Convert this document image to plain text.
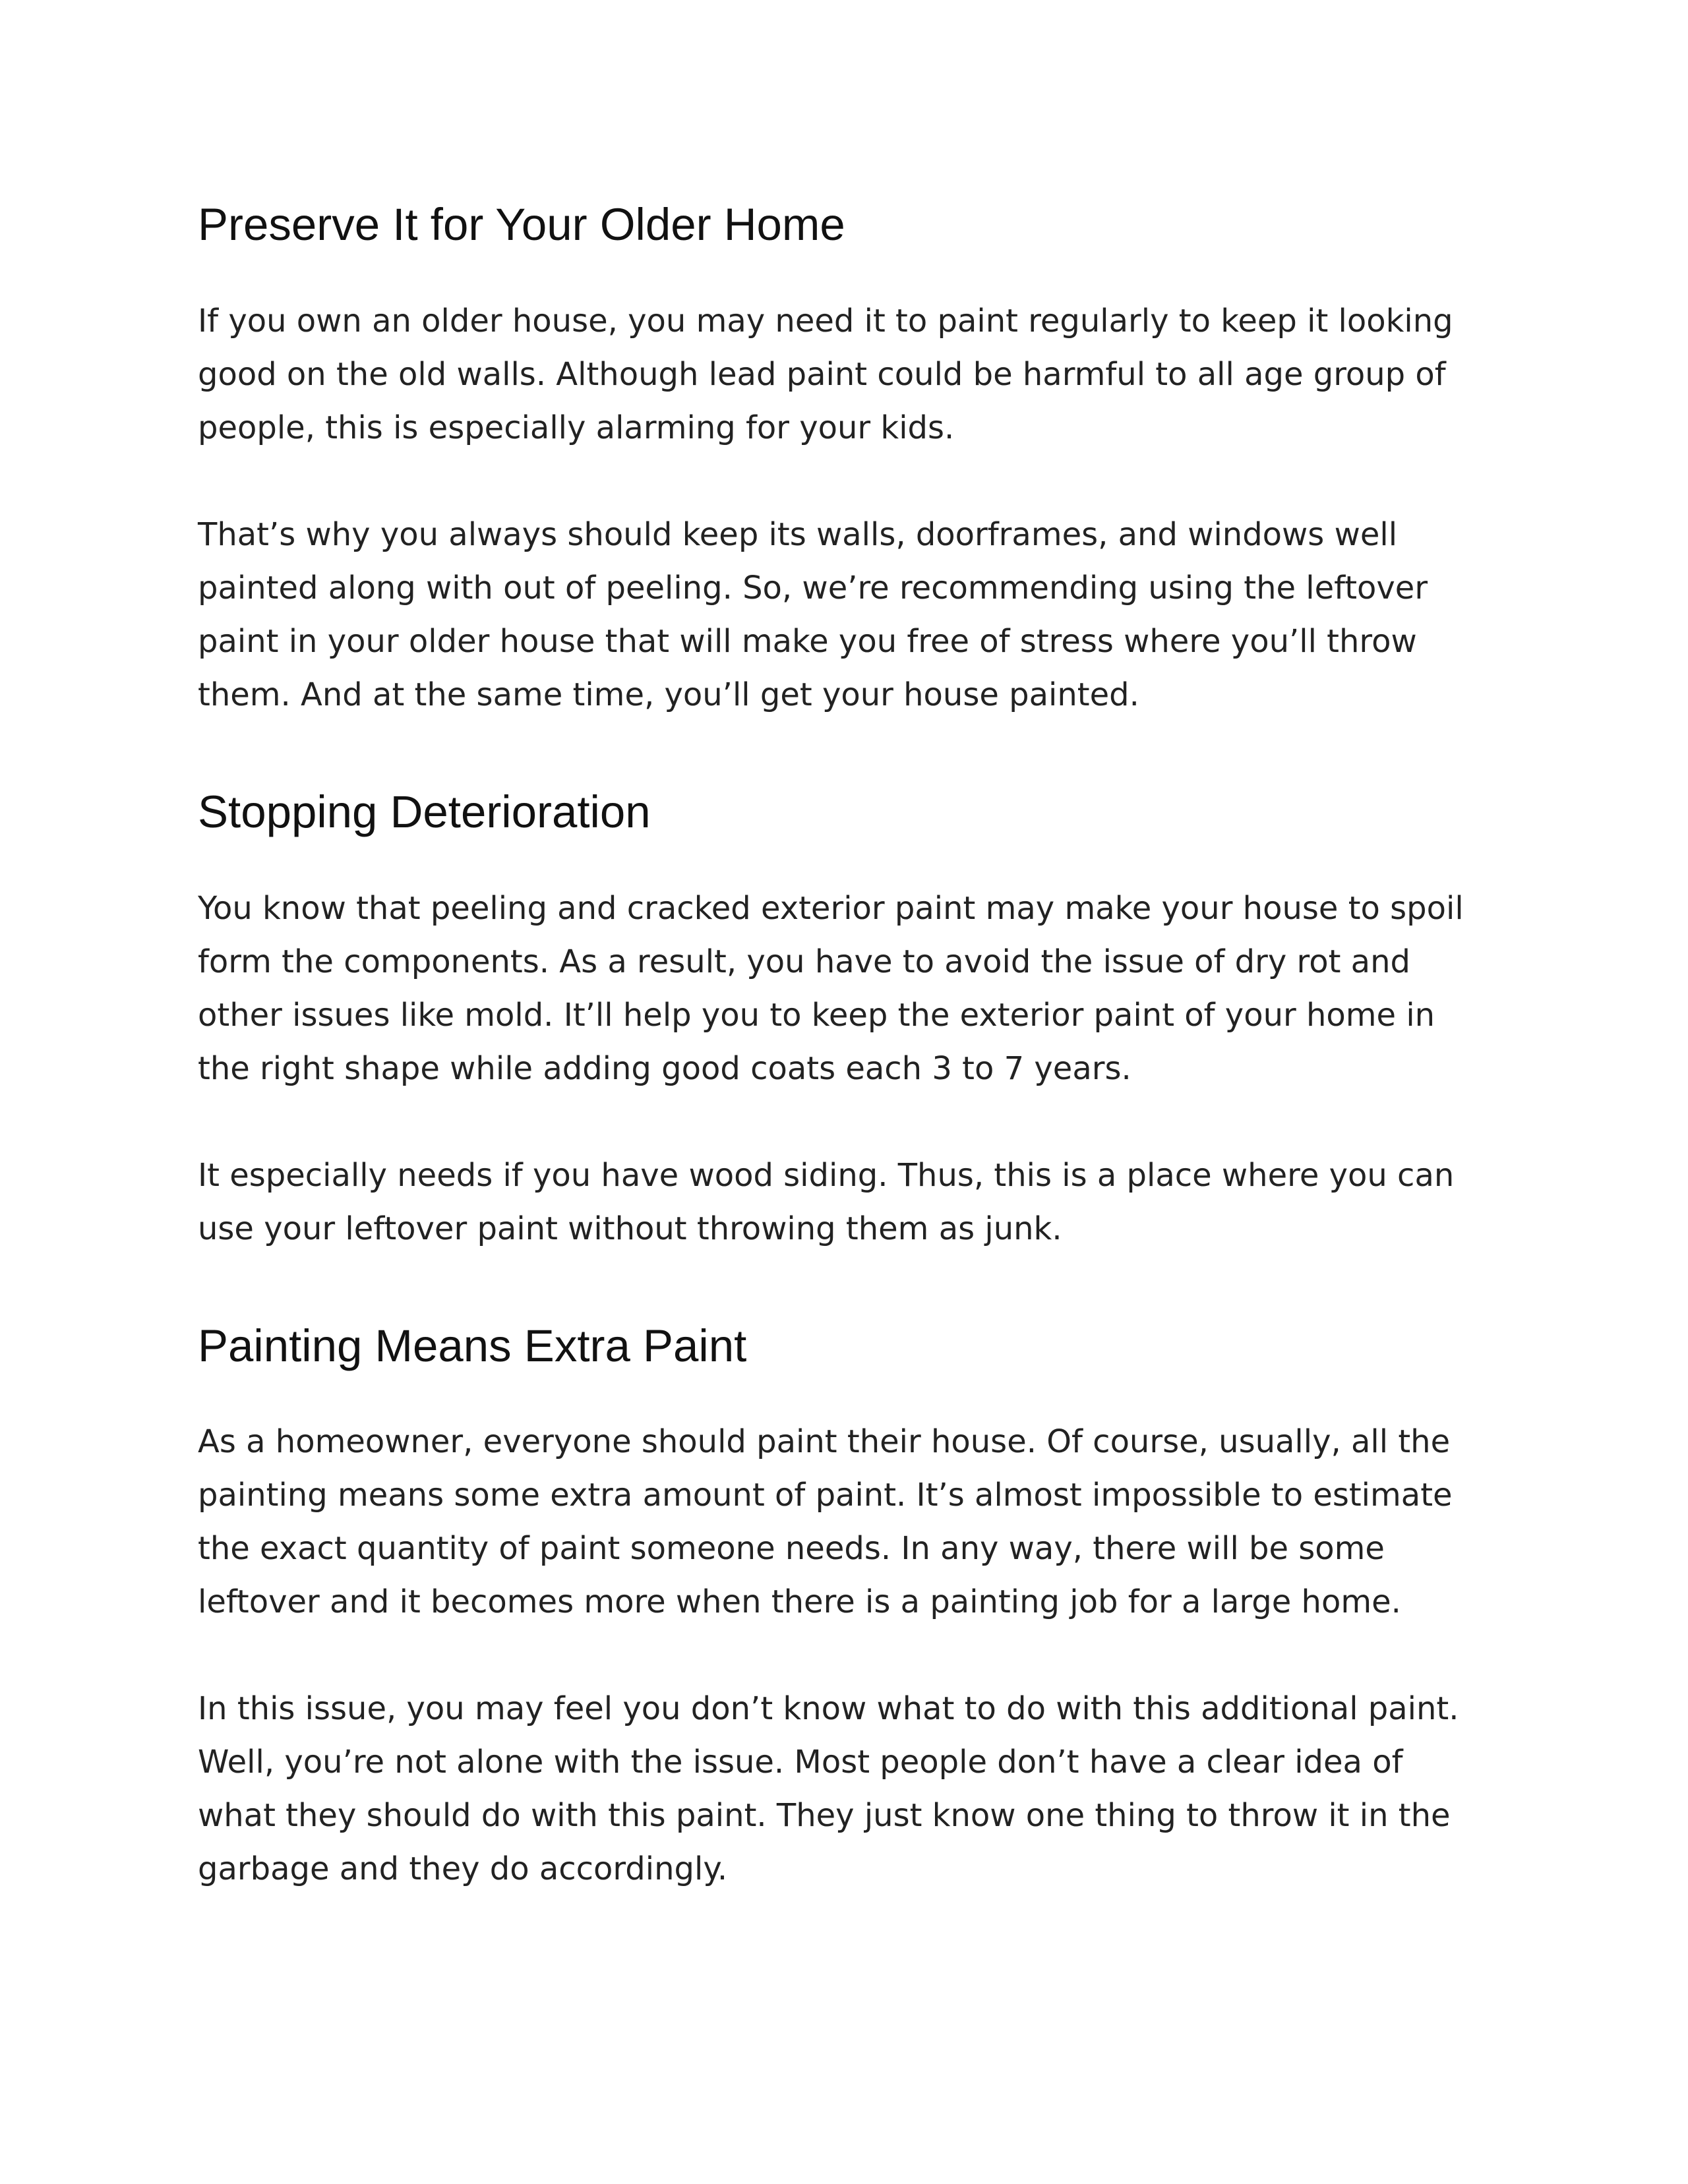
Preserve It for Your Older Home

If you own an older house, you may need it to paint regularly to keep it looking good on the old walls. Although lead paint could be harmful to all age group of people, this is especially alarming for your kids.

That’s why you always should keep its walls, doorframes, and windows well painted along with out of peeling. So, we’re recommending using the leftover paint in your older house that will make you free of stress where you’ll throw them. And at the same time, you’ll get your house painted.

Stopping Deterioration

You know that peeling and cracked exterior paint may make your house to spoil form the components. As a result, you have to avoid the issue of dry rot and other issues like mold. It’ll help you to keep the exterior paint of your home in the right shape while adding good coats each 3 to 7 years.

It especially needs if you have wood siding. Thus, this is a place where you can use your leftover paint without throwing them as junk.

Painting Means Extra Paint

As a homeowner, everyone should paint their house. Of course, usually, all the painting means some extra amount of paint. It’s almost impossible to estimate the exact quantity of paint someone needs. In any way, there will be some leftover and it becomes more when there is a painting job for a large home.

In this issue, you may feel you don’t know what to do with this additional paint. Well, you’re not alone with the issue. Most people don’t have a clear idea of what they should do with this paint. They just know one thing to throw it in the garbage and they do accordingly.
